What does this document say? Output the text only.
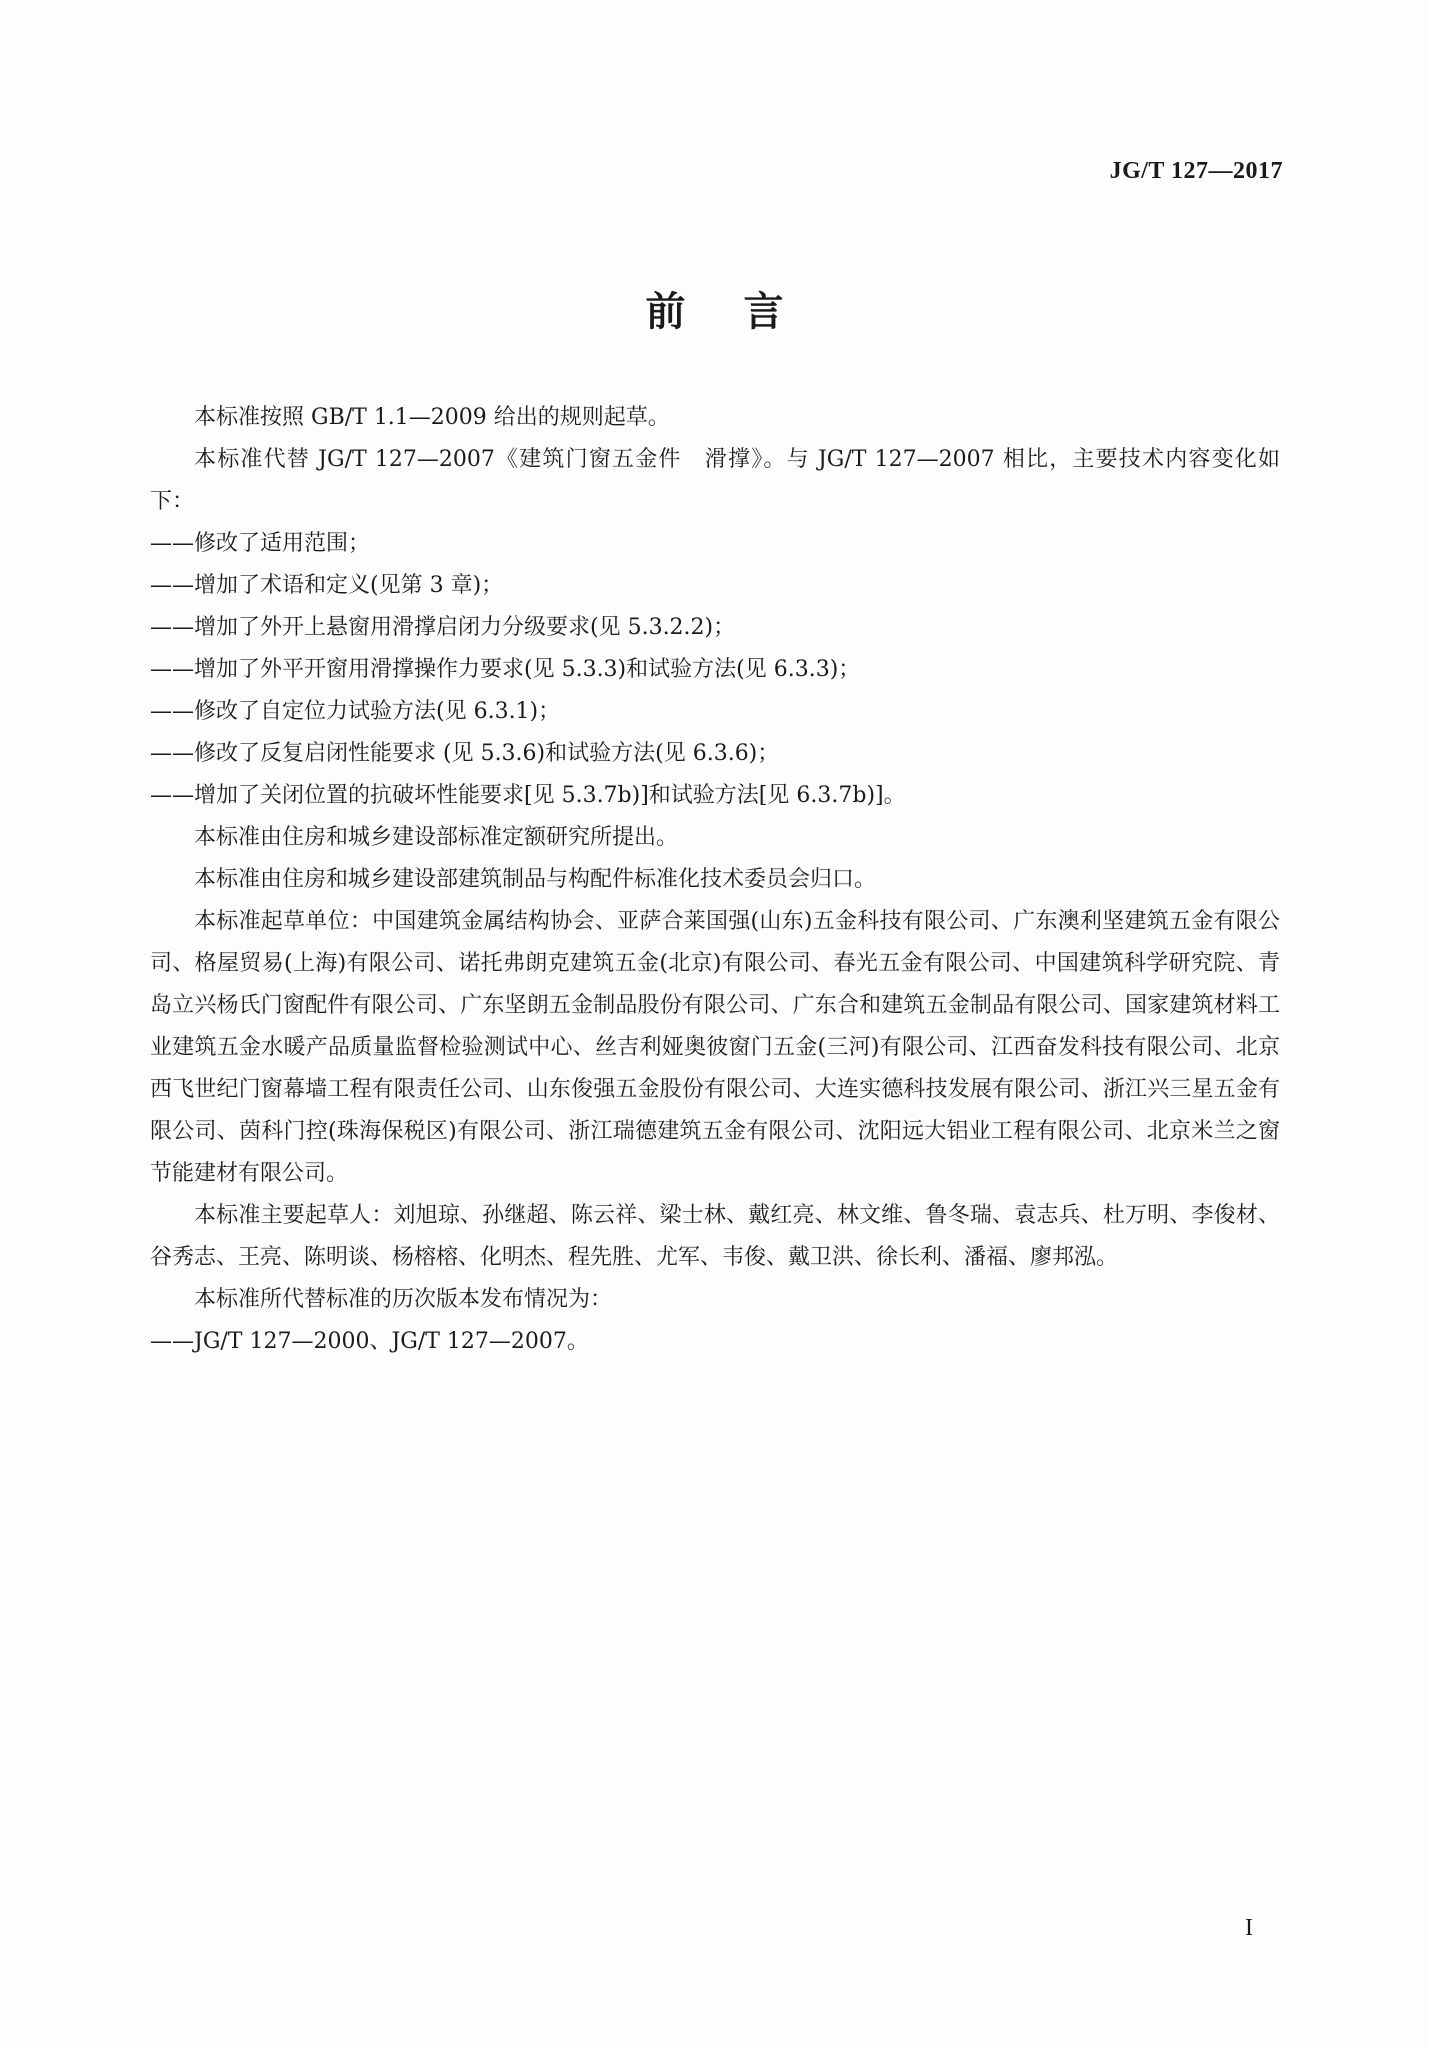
JG/T 127—2017
前言

本标准按照 GB/T 1.1—2009 给出的规则起草。

本标准代替 JG/T 127—2007《建筑门窗五金件　滑撑》。与 JG/T 127—2007 相比，主要技术内容变化如下：

——修改了适用范围；

——增加了术语和定义(见第 3 章)；

——增加了外开上悬窗用滑撑启闭力分级要求(见 5.3.2.2)；

——增加了外平开窗用滑撑操作力要求(见 5.3.3)和试验方法(见 6.3.3)；

——修改了自定位力试验方法(见 6.3.1)；

——修改了反复启闭性能要求 (见 5.3.6)和试验方法(见 6.3.6)；

——增加了关闭位置的抗破坏性能要求[见 5.3.7b)]和试验方法[见 6.3.7b)]。

本标准由住房和城乡建设部标准定额研究所提出。

本标准由住房和城乡建设部建筑制品与构配件标准化技术委员会归口。

本标准起草单位：中国建筑金属结构协会、亚萨合莱国强(山东)五金科技有限公司、广东澳利坚建筑五金有限公司、格屋贸易(上海)有限公司、诺托弗朗克建筑五金(北京)有限公司、春光五金有限公司、中国建筑科学研究院、青岛立兴杨氏门窗配件有限公司、广东坚朗五金制品股份有限公司、广东合和建筑五金制品有限公司、国家建筑材料工业建筑五金水暖产品质量监督检验测试中心、丝吉利娅奥彼窗门五金(三河)有限公司、江西奋发科技有限公司、北京西飞世纪门窗幕墙工程有限责任公司、山东俊强五金股份有限公司、大连实德科技发展有限公司、浙江兴三星五金有限公司、茵科门控(珠海保税区)有限公司、浙江瑞德建筑五金有限公司、沈阳远大铝业工程有限公司、北京米兰之窗节能建材有限公司。

本标准主要起草人：刘旭琼、孙继超、陈云祥、梁士林、戴红亮、林文维、鲁冬瑞、袁志兵、杜万明、李俊材、谷秀志、王亮、陈明谈、杨榕榕、化明杰、程先胜、尤军、韦俊、戴卫洪、徐长利、潘福、廖邦泓。

本标准所代替标准的历次版本发布情况为：

——JG/T 127—2000、JG/T 127—2007。

I
